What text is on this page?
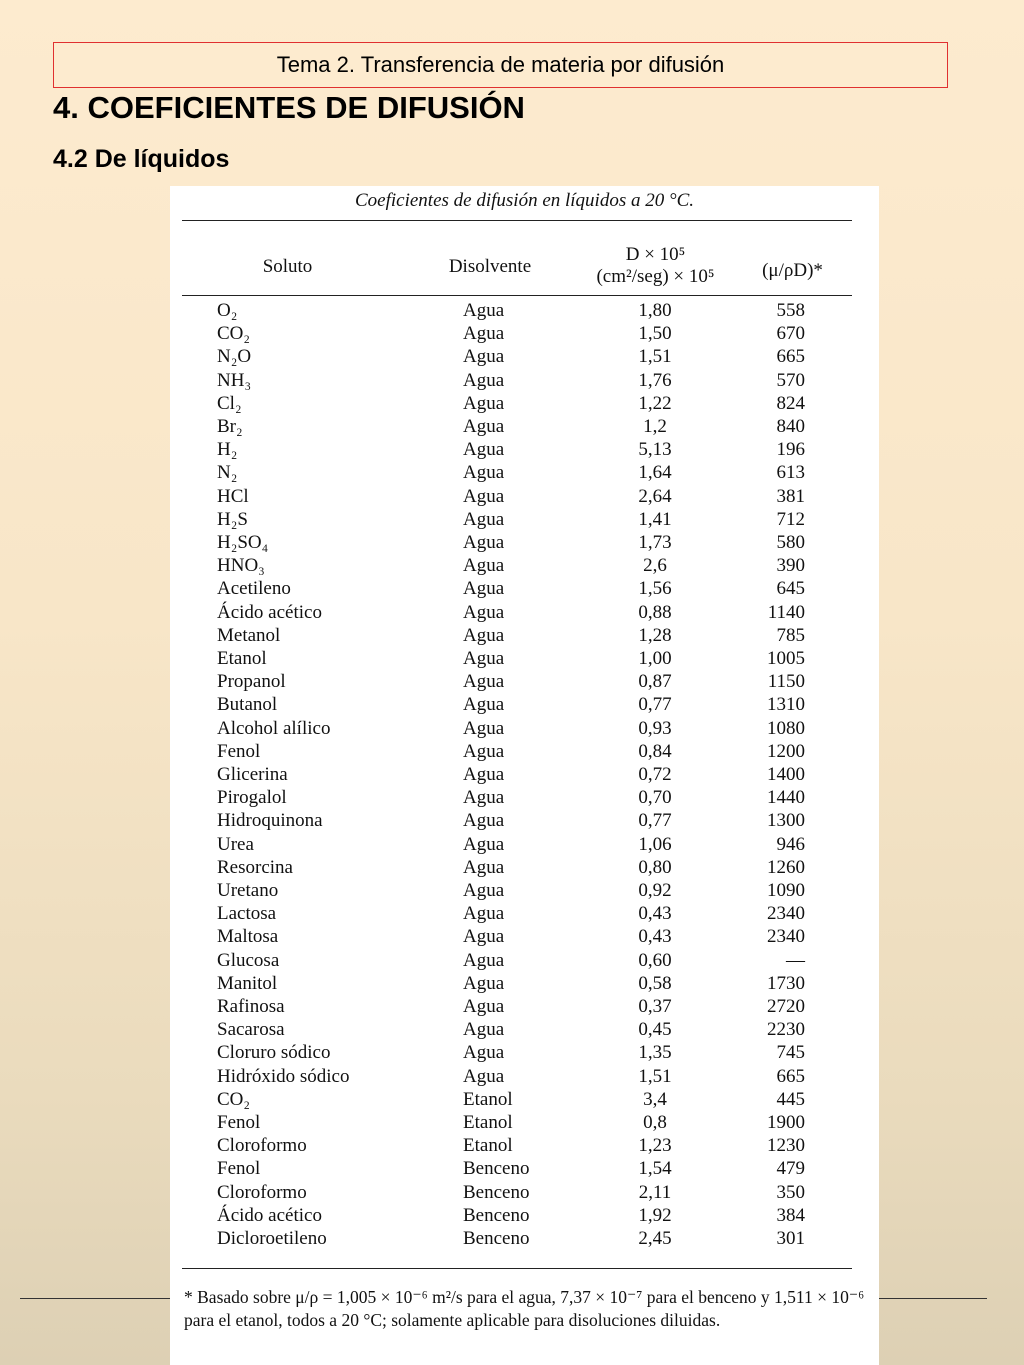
Tema 2. Transferencia de materia por difusión
4. COEFICIENTES DE DIFUSIÓN
4.2 De líquidos
Coeficientes de difusión en líquidos a 20 °C.
Soluto	Disolvente
D × 10⁵
(cm²/seg) × 10⁵	(μ/ρD)*
O₂	Agua	1,80	558
CO₂	Agua	1,50	670
N₂O	Agua	1,51	665
NH₃	Agua	1,76	570
Cl₂	Agua	1,22	824
Br₂	Agua	1,2	840
H₂	Agua	5,13	196
N₂	Agua	1,64	613
HCl	Agua	2,64	381
H₂S	Agua	1,41	712
H₂SO₄	Agua	1,73	580
HNO₃	Agua	2,6	390
Acetileno	Agua	1,56	645
Ácido acético	Agua	0,88	1140
Metanol	Agua	1,28	785
Etanol	Agua	1,00	1005
Propanol	Agua	0,87	1150
Butanol	Agua	0,77	1310
Alcohol alílico	Agua	0,93	1080
Fenol	Agua	0,84	1200
Glicerina	Agua	0,72	1400
Pirogalol	Agua	0,70	1440
Hidroquinona	Agua	0,77	1300
Urea	Agua	1,06	946
Resorcina	Agua	0,80	1260
Uretano	Agua	0,92	1090
Lactosa	Agua	0,43	2340
Maltosa	Agua	0,43	2340
Glucosa	Agua	0,60	—
Manitol	Agua	0,58	1730
Rafinosa	Agua	0,37	2720
Sacarosa	Agua	0,45	2230
Cloruro sódico	Agua	1,35	745
Hidróxido sódico	Agua	1,51	665
CO₂	Etanol	3,4	445
Fenol	Etanol	0,8	1900
Cloroformo	Etanol	1,23	1230
Fenol	Benceno	1,54	479
Cloroformo	Benceno	2,11	350
Ácido acético	Benceno	1,92	384
Dicloroetileno	Benceno	2,45	301
* Basado sobre μ/ρ = 1,005 × 10⁻⁶ m²/s para el agua, 7,37 × 10⁻⁷ para el benceno y 1,511 × 10⁻⁶ para el etanol, todos a 20 °C; solamente aplicable para disoluciones diluidas.
